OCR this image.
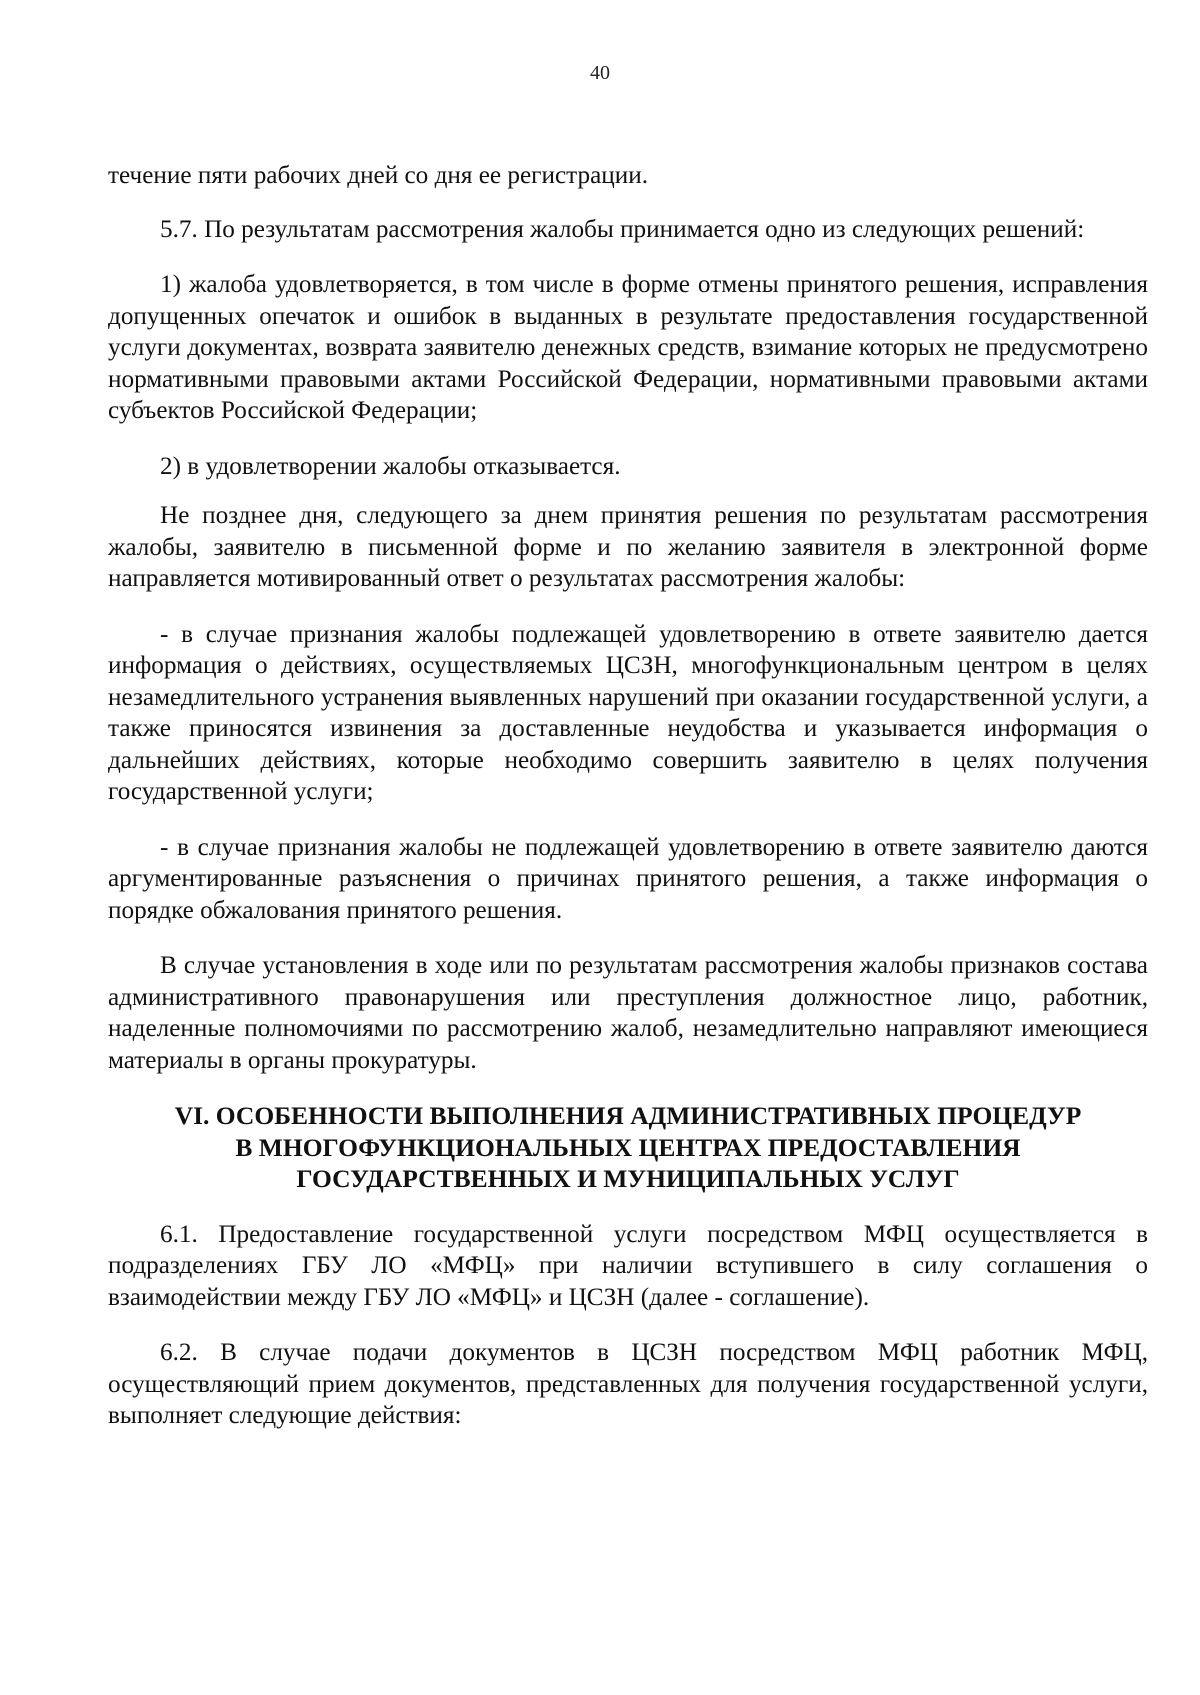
40

течение пяти рабочих дней со дня ее регистрации.

5.7. По результатам рассмотрения жалобы принимается одно из следующих решений:

1) жалоба удовлетворяется, в том числе в форме отмены принятого решения, исправления допущенных опечаток и ошибок в выданных в результате предоставления государственной услуги документах, возврата заявителю денежных средств, взимание которых не предусмотрено нормативными правовыми актами Российской Федерации, нормативными правовыми актами субъектов Российской Федерации;

2) в удовлетворении жалобы отказывается.

Не позднее дня, следующего за днем принятия решения по результатам рассмотрения жалобы, заявителю в письменной форме и по желанию заявителя в электронной форме направляется мотивированный ответ о результатах рассмотрения жалобы:

- в случае признания жалобы подлежащей удовлетворению в ответе заявителю дается информация о действиях, осуществляемых ЦСЗН, многофункциональным центром в целях незамедлительного устранения выявленных нарушений при оказании государственной услуги, а также приносятся извинения за доставленные неудобства и указывается информация о дальнейших действиях, которые необходимо совершить заявителю в целях получения государственной услуги;

- в случае признания жалобы не подлежащей удовлетворению в ответе заявителю даются аргументированные разъяснения о причинах принятого решения, а также информация о порядке обжалования принятого решения.

В случае установления в ходе или по результатам рассмотрения жалобы признаков состава административного правонарушения или преступления должностное лицо, работник, наделенные полномочиями по рассмотрению жалоб, незамедлительно направляют имеющиеся материалы в органы прокуратуры.

VI. ОСОБЕННОСТИ ВЫПОЛНЕНИЯ АДМИНИСТРАТИВНЫХ ПРОЦЕДУР
В МНОГОФУНКЦИОНАЛЬНЫХ ЦЕНТРАХ ПРЕДОСТАВЛЕНИЯ
ГОСУДАРСТВЕННЫХ И МУНИЦИПАЛЬНЫХ УСЛУГ

6.1. Предоставление государственной услуги посредством МФЦ осуществляется в подразделениях ГБУ ЛО «МФЦ» при наличии вступившего в силу соглашения о взаимодействии между ГБУ ЛО «МФЦ» и ЦСЗН (далее - соглашение).

6.2. В случае подачи документов в ЦСЗН посредством МФЦ работник МФЦ, осуществляющий прием документов, представленных для получения государственной услуги, выполняет следующие действия:
